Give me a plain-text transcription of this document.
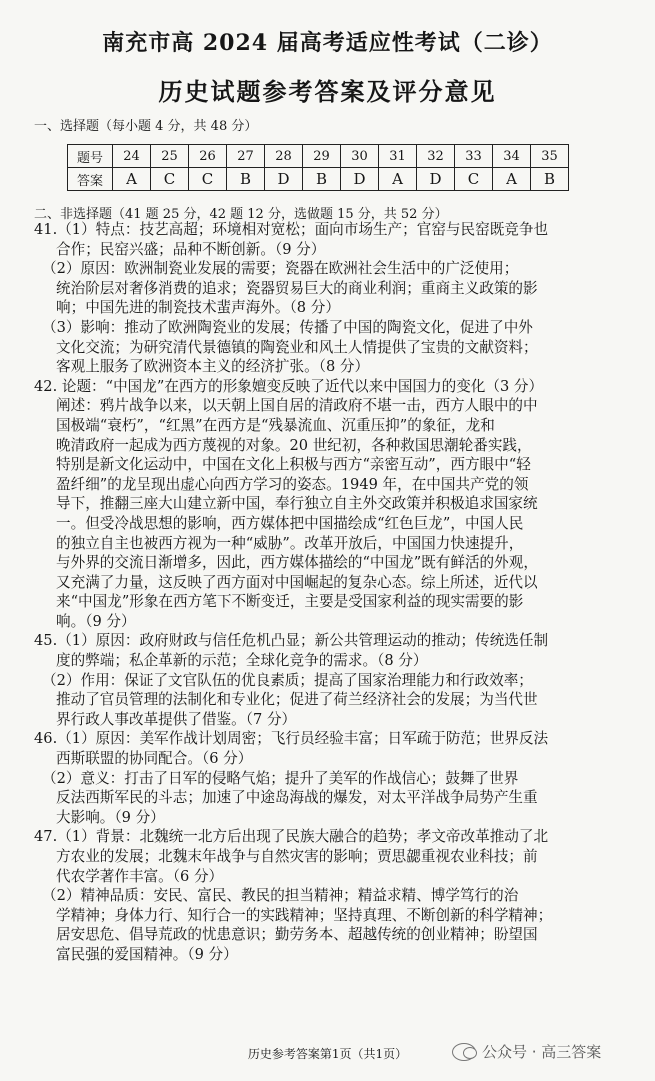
南充市高 2024 届高考适应性考试（二诊）
历史试题参考答案及评分意见
一、选择题（每小题 4 分，共 48 分）
题号	24	25	26	27	28	29	30	31	32	33	34	35
答案	A	C	C	B	D	B	D	A	D	C	A	B
二、非选择题（41 题 25 分，42 题 12 分，选做题 15 分，共 52 分）
41.（1）特点：技艺高超；环境相对宽松；面向市场生产；官窑与民窑既竞争也
合作；民窑兴盛；品种不断创新。（9 分）
（2）原因：欧洲制瓷业发展的需要；瓷器在欧洲社会生活中的广泛使用；
统治阶层对奢侈消费的追求；瓷器贸易巨大的商业利润；重商主义政策的影
响；中国先进的制瓷技术蜚声海外。（8 分）
（3）影响：推动了欧洲陶瓷业的发展；传播了中国的陶瓷文化，促进了中外
文化交流；为研究清代景德镇的陶瓷业和风土人情提供了宝贵的文献资料；
客观上服务了欧洲资本主义的经济扩张。（8 分）
42. 论题：“中国龙”在西方的形象嬗变反映了近代以来中国国力的变化（3 分）
阐述：鸦片战争以来，以天朝上国自居的清政府不堪一击，西方人眼中的中
国极端“衰朽”，“红黑”在西方是“残暴流血、沉重压抑”的象征，龙和
晚清政府一起成为西方蔑视的对象。20 世纪初，各种救国思潮轮番实践，
特别是新文化运动中，中国在文化上积极与西方“亲密互动”，西方眼中“轻
盈纤细”的龙呈现出虚心向西方学习的姿态。1949 年，在中国共产党的领
导下，推翻三座大山建立新中国，奉行独立自主外交政策并积极追求国家统
一。但受冷战思想的影响，西方媒体把中国描绘成“红色巨龙”，中国人民
的独立自主也被西方视为一种“威胁”。改革开放后，中国国力快速提升，
与外界的交流日渐增多，因此，西方媒体描绘的“中国龙”既有鲜活的外观，
又充满了力量，这反映了西方面对中国崛起的复杂心态。综上所述，近代以
来“中国龙”形象在西方笔下不断变迁，主要是受国家利益的现实需要的影
响。（9 分）
45.（1）原因：政府财政与信任危机凸显；新公共管理运动的推动；传统选任制
度的弊端；私企革新的示范；全球化竞争的需求。（8 分）
（2）作用：保证了文官队伍的优良素质；提高了国家治理能力和行政效率；
推动了官员管理的法制化和专业化；促进了荷兰经济社会的发展；为当代世
界行政人事改革提供了借鉴。（7 分）
46.（1）原因：美军作战计划周密；飞行员经验丰富；日军疏于防范；世界反法
西斯联盟的协同配合。（6 分）
（2）意义：打击了日军的侵略气焰；提升了美军的作战信心；鼓舞了世界
反法西斯军民的斗志；加速了中途岛海战的爆发，对太平洋战争局势产生重
大影响。（9 分）
47.（1）背景：北魏统一北方后出现了民族大融合的趋势；孝文帝改革推动了北
方农业的发展；北魏末年战争与自然灾害的影响；贾思勰重视农业科技；前
代农学著作丰富。（6 分）
（2）精神品质：安民、富民、教民的担当精神；精益求精、博学笃行的治
学精神；身体力行、知行合一的实践精神；坚持真理、不断创新的科学精神；
居安思危、倡导荒政的忧患意识；勤劳务本、超越传统的创业精神；盼望国
富民强的爱国精神。（9 分）
历史参考答案第1页（共1页）	公众号 · 高三答案
